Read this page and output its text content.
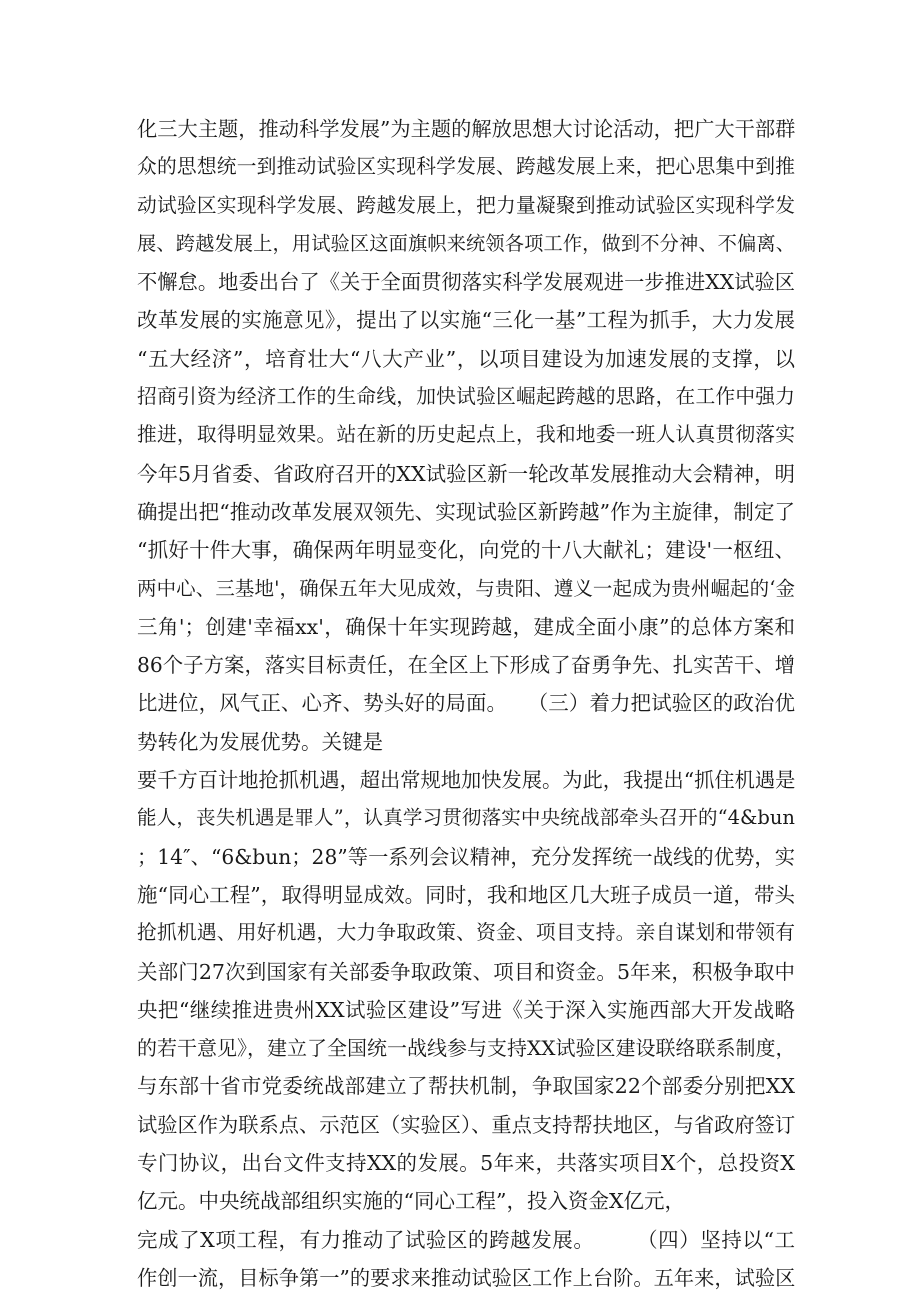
化三大主题，推动科学发展”为主题的解放思想大讨论活动，把广大干部群
众的思想统一到推动试验区实现科学发展、跨越发展上来，把心思集中到推
动试验区实现科学发展、跨越发展上，把力量凝聚到推动试验区实现科学发
展、跨越发展上，用试验区这面旗帜来统领各项工作，做到不分神、不偏离、
不懈怠。地委出台了《关于全面贯彻落实科学发展观进一步推进XX试验区
改革发展的实施意见》，提出了以实施“三化一基”工程为抓手，大力发展
“五大经济”，培育壮大“八大产业”，以项目建设为加速发展的支撑，以
招商引资为经济工作的生命线，加快试验区崛起跨越的思路，在工作中强力
推进，取得明显效果。站在新的历史起点上，我和地委一班人认真贯彻落实
今年5月省委、省政府召开的XX试验区新一轮改革发展推动大会精神，明
确提出把“推动改革发展双领先、实现试验区新跨越”作为主旋律，制定了
“抓好十件大事，确保两年明显变化，向党的十八大献礼；建设'一枢纽、
两中心、三基地'，确保五年大见成效，与贵阳、遵义一起成为贵州崛起的‘金
三角'；创建'幸福xx'，确保十年实现跨越，建成全面小康”的总体方案和
86个子方案，落实目标责任，在全区上下形成了奋勇争先、扎实苦干、增
比进位，风气正、心齐、势头好的局面。　　（三）着力把试验区的政治优
势转化为发展优势。关键是
要千方百计地抢抓机遇，超出常规地加快发展。为此，我提出“抓住机遇是
能人，丧失机遇是罪人”，认真学习贯彻落实中央统战部牵头召开的“4&bun
；14″、“6&bun；28”等一系列会议精神，充分发挥统一战线的优势，实
施“同心工程”，取得明显成效。同时，我和地区几大班子成员一道，带头
抢抓机遇、用好机遇，大力争取政策、资金、项目支持。亲自谋划和带领有
关部门27次到国家有关部委争取政策、项目和资金。5年来，积极争取中
央把“继续推进贵州XX试验区建设”写进《关于深入实施西部大开发战略
的若干意见》，建立了全国统一战线参与支持XX试验区建设联络联系制度，
与东部十省市党委统战部建立了帮扶机制，争取国家22个部委分别把XX
试验区作为联系点、示范区（实验区）、重点支持帮扶地区，与省政府签订
专门协议，出台文件支持XX的发展。5年来，共落实项目X个，总投资X
亿元。中央统战部组织实施的“同心工程”，投入资金X亿元，
完成了X项工程，有力推动了试验区的跨越发展。　　　（四）坚持以“工
作创一流，目标争第一”的要求来推动试验区工作上台阶。五年来，试验区
